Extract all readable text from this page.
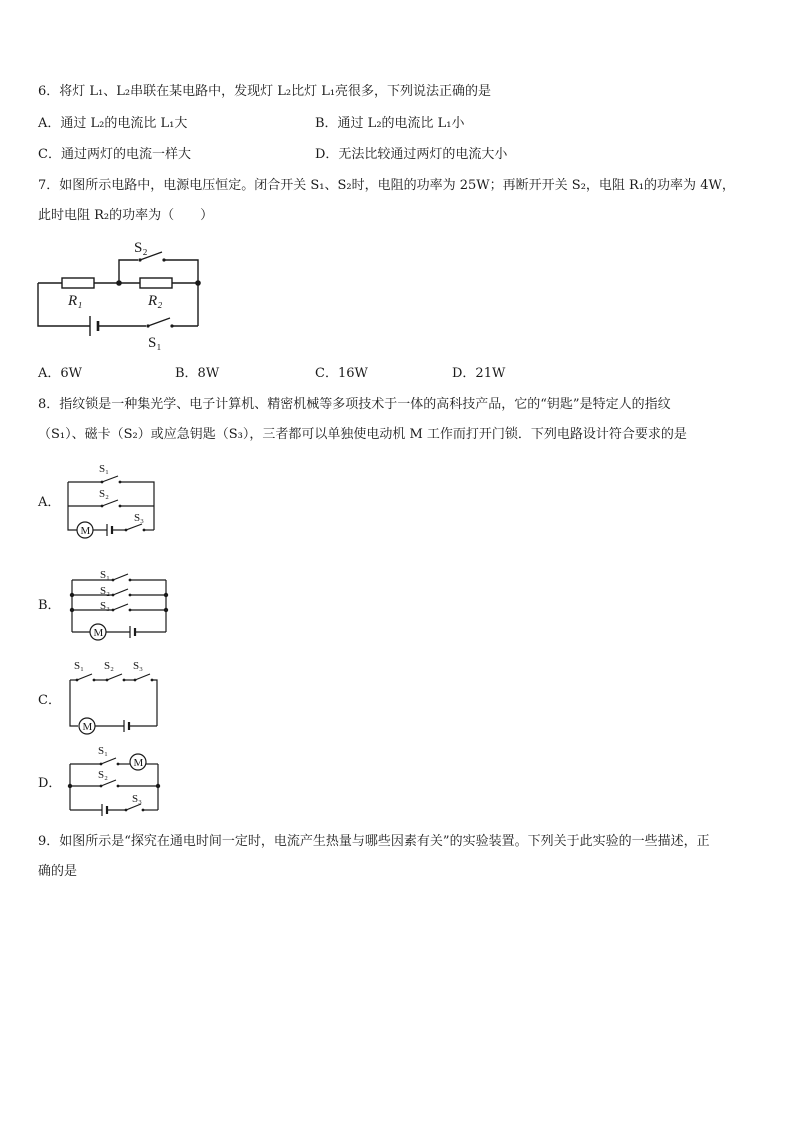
6．将灯 L₁、L₂串联在某电路中，发现灯 L₂比灯 L₁亮很多，下列说法正确的是
A．通过 L₂的电流比 L₁大	B．通过 L₂的电流比 L₁小
C．通过两灯的电流一样大	D．无法比较通过两灯的电流大小
7．如图所示电路中，电源电压恒定。闭合开关 S₁、S₂时，电阻的功率为 25W；再断开开关 S₂，电阻 R₁的功率为 4W，
此时电阻 R₂的功率为（　　）
S₂
R₁	R₂
S₁
A．6W	B．8W	C．16W	D．21W
8．指纹锁是一种集光学、电子计算机、精密机械等多项技术于一体的高科技产品，它的“钥匙”是特定人的指纹
（S₁）、磁卡（S₂）或应急钥匙（S₃），三者都可以单独使电动机 M 工作而打开门锁．下列电路设计符合要求的是
A．
M
S₁
S₂
S₃
B．
M
S₁
S₂
S₃
C．
M
S₁ S₂ S₃
D．
M
S₁
S₂
S₃
9．如图所示是“探究在通电时间一定时，电流产生热量与哪些因素有关”的实验装置。下列关于此实验的一些描述，正
确的是
